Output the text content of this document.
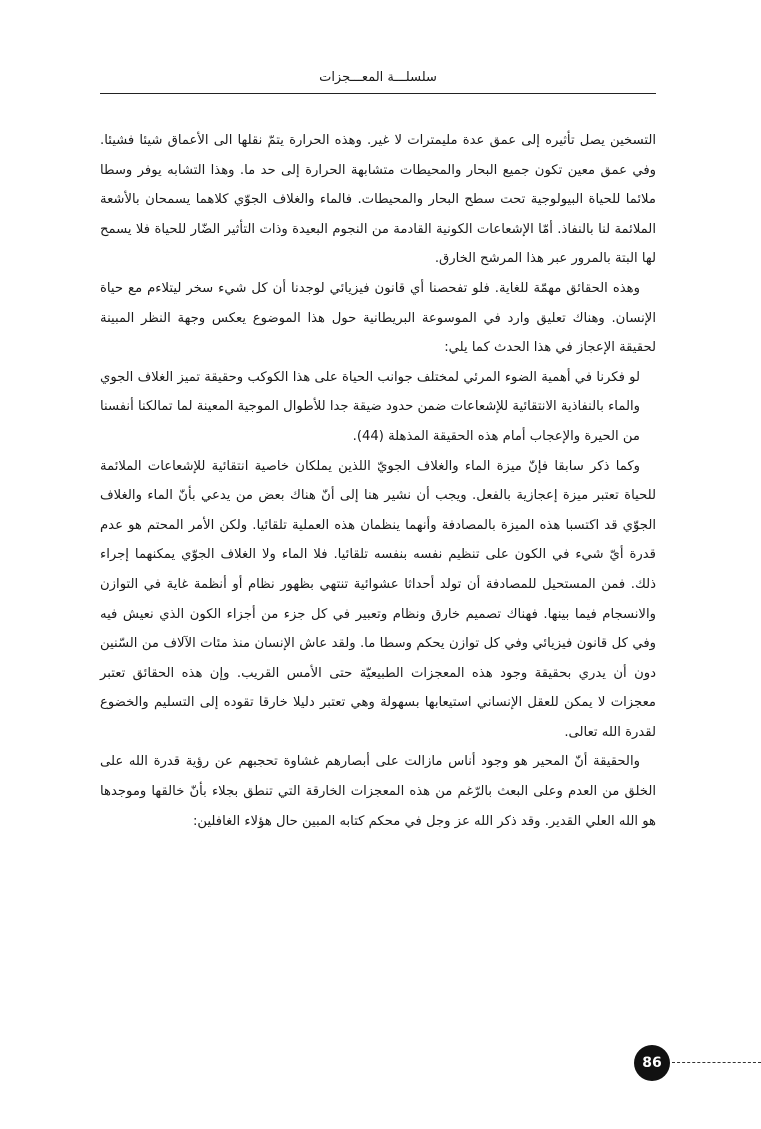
سلسلـــة المعـــجزات

التسخين يصل تأثيره إلى عمق عدة مليمترات لا غير. وهذه الحرارة يتمّ نقلها الى الأعماق شيئا فشيئا. وفي عمق معين تكون جميع البحار والمحيطات متشابهة الحرارة إلى حد ما. وهذا التشابه يوفر وسطا ملائما للحياة البيولوجية تحت سطح البحار والمحيطات. فالماء والغلاف الجوّي كلاهما يسمحان بالأشعة الملائمة لنا بالنفاذ. أمّا الإشعاعات الكونية القادمة من النجوم البعيدة وذات التأثير الضّار للحياة فلا يسمح لها البتة بالمرور عبر هذا المرشح الخارق.

وهذه الحقائق مهمّة للغاية. فلو تفحصنا أي قانون فيزيائي لوجدنا أن كل شيء سخر ليتلاءم مع حياة الإنسان. وهناك تعليق وارد في الموسوعة البريطانية حول هذا الموضوع يعكس وجهة النظر المبينة لحقيقة الإعجاز في هذا الحدث كما يلي:

لو فكرنا في أهمية الضوء المرئي لمختلف جوانب الحياة على هذا الكوكب وحقيقة تميز الغلاف الجوي والماء بالنفاذية الانتقائية للإشعاعات ضمن حدود ضيقة جدا للأطوال الموجية المعينة لما تمالكنا أنفسنا من الحيرة والإعجاب أمام هذه الحقيقة المذهلة (44).

وكما ذكر سابقا فإنّ ميزة الماء والغلاف الجويّ اللذين يملكان خاصية انتقائية للإشعاعات الملائمة للحياة تعتبر ميزة إعجازية بالفعل. ويجب أن نشير هنا إلى أنّ هناك بعض من يدعي بأنّ الماء والغلاف الجوّي قد اكتسبا هذه الميزة بالمصادفة وأنهما ينظمان هذه العملية تلقائيا. ولكن الأمر المحتم هو عدم قدرة أيّ شيء في الكون على تنظيم نفسه بنفسه تلقائيا. فلا الماء ولا الغلاف الجوّي يمكنهما إجراء ذلك. فمن المستحيل للمصادفة أن تولد أحداثا عشوائية تنتهي بظهور نظام أو أنظمة غاية في التوازن والانسجام فيما بينها. فهناك تصميم خارق ونظام وتعبير في كل جزء من أجزاء الكون الذي نعيش فيه وفي كل قانون فيزيائي وفي كل توازن يحكم وسطا ما. ولقد عاش الإنسان منذ مئات الآلاف من السّنين دون أن يدري بحقيقة وجود هذه المعجزات الطبيعيّة حتى الأمس القريب. وإن هذه الحقائق تعتبر معجزات لا يمكن للعقل الإنساني استيعابها بسهولة وهي تعتبر دليلا خارقا تقوده إلى التسليم والخضوع لقدرة الله تعالى.

والحقيقة أنّ المحير هو وجود أناس مازالت على أبصارهم غشاوة تحجبهم عن رؤية قدرة الله على الخلق من العدم وعلى البعث بالرّغم من هذه المعجزات الخارقة التي تنطق بجلاء بأنّ خالقها وموجدها هو الله العلي القدير. وقد ذكر الله عز وجل في محكم كتابه المبين حال هؤلاء الغافلين:

86
